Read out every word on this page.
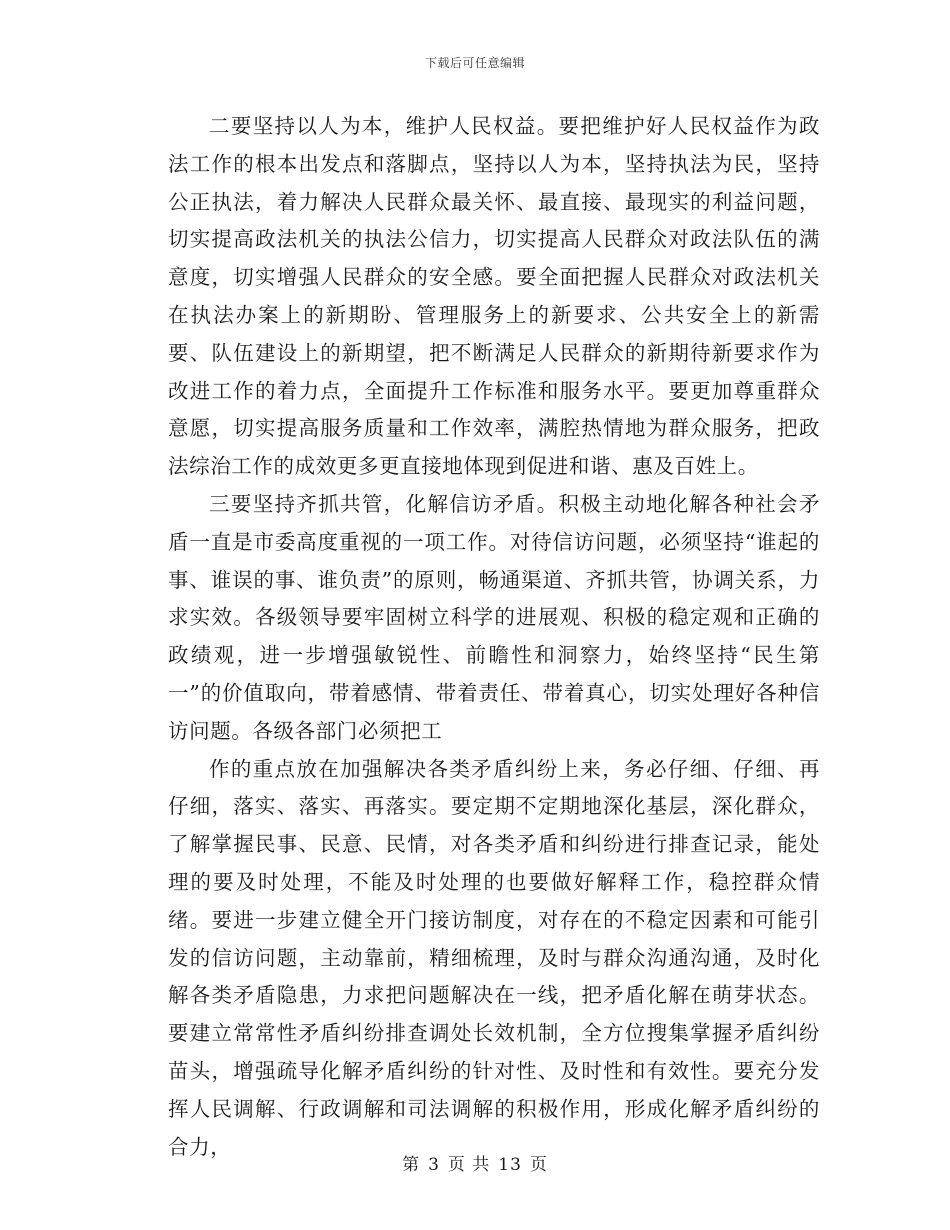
下载后可任意编辑

二要坚持以人为本，维护人民权益。要把维护好人民权益作为政法工作的根本出发点和落脚点，坚持以人为本，坚持执法为民，坚持公正执法，着力解决人民群众最关怀、最直接、最现实的利益问题，切实提高政法机关的执法公信力，切实提高人民群众对政法队伍的满意度，切实增强人民群众的安全感。要全面把握人民群众对政法机关在执法办案上的新期盼、管理服务上的新要求、公共安全上的新需要、队伍建设上的新期望，把不断满足人民群众的新期待新要求作为改进工作的着力点，全面提升工作标准和服务水平。要更加尊重群众意愿，切实提高服务质量和工作效率，满腔热情地为群众服务，把政法综治工作的成效更多更直接地体现到促进和谐、惠及百姓上。

三要坚持齐抓共管，化解信访矛盾。积极主动地化解各种社会矛盾一直是市委高度重视的一项工作。对待信访问题，必须坚持“谁起的事、谁误的事、谁负责”的原则，畅通渠道、齐抓共管，协调关系，力求实效。各级领导要牢固树立科学的进展观、积极的稳定观和正确的政绩观，进一步增强敏锐性、前瞻性和洞察力，始终坚持“民生第一”的价值取向，带着感情、带着责任、带着真心，切实处理好各种信访问题。各级各部门必须把工

作的重点放在加强解决各类矛盾纠纷上来，务必仔细、仔细、再仔细，落实、落实、再落实。要定期不定期地深化基层，深化群众，了解掌握民事、民意、民情，对各类矛盾和纠纷进行排查记录，能处理的要及时处理，不能及时处理的也要做好解释工作，稳控群众情绪。要进一步建立健全开门接访制度，对存在的不稳定因素和可能引发的信访问题，主动靠前，精细梳理，及时与群众沟通沟通，及时化解各类矛盾隐患，力求把问题解决在一线，把矛盾化解在萌芽状态。要建立常常性矛盾纠纷排查调处长效机制，全方位搜集掌握矛盾纠纷苗头，增强疏导化解矛盾纠纷的针对性、及时性和有效性。要充分发挥人民调解、行政调解和司法调解的积极作用，形成化解矛盾纠纷的合力，

第 3 页 共 13 页
